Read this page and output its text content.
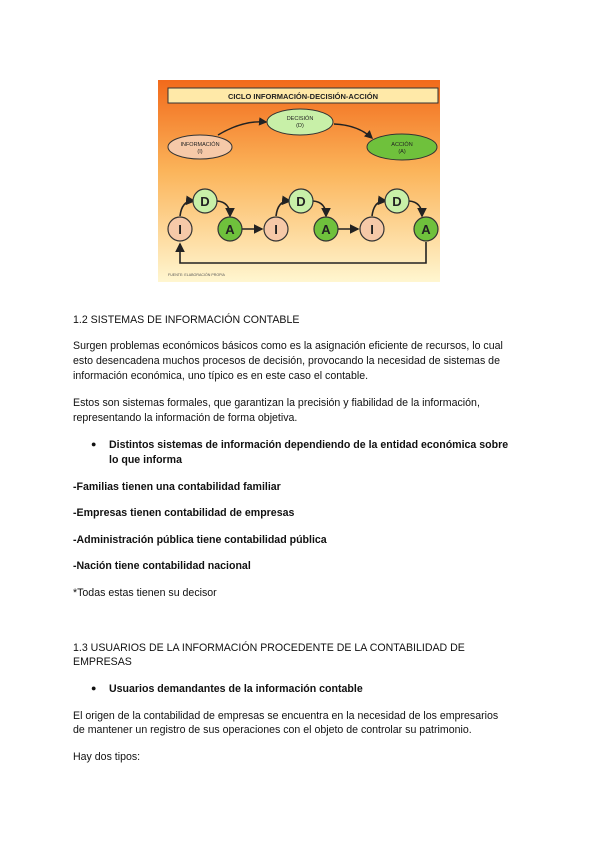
CICLO INFORMACIÓN-DECISIÓN-ACCIÓN
INFORMACIÓN
(I)
DECISIÓN
(D)
ACCIÓN
(A)
I
D
A	I
D
A	I
D
A
FUENTE: ELABORACIÓN PROPIA

1.2 SISTEMAS DE INFORMACIÓN CONTABLE

Surgen problemas económicos básicos como es la asignación eficiente de recursos, lo cual

esto desencadena muchos procesos de decisión, provocando la necesidad de sistemas de

información económica, uno típico es en este caso el contable.

Estos son sistemas formales, que garantizan la precisión y fiabilidad de la información,

representando la información de forma objetiva.

● Distintos sistemas de información dependiendo de la entidad económica sobre

lo que informa

-Familias tienen una contabilidad familiar

-Empresas tienen contabilidad de empresas

-Administración pública tiene contabilidad pública

-Nación tiene contabilidad nacional

*Todas estas tienen su decisor

1.3 USUARIOS DE LA INFORMACIÓN PROCEDENTE DE LA CONTABILIDAD DE

EMPRESAS

● Usuarios demandantes de la información contable

El origen de la contabilidad de empresas se encuentra en la necesidad de los empresarios

de mantener un registro de sus operaciones con el objeto de controlar su patrimonio.

Hay dos tipos:
